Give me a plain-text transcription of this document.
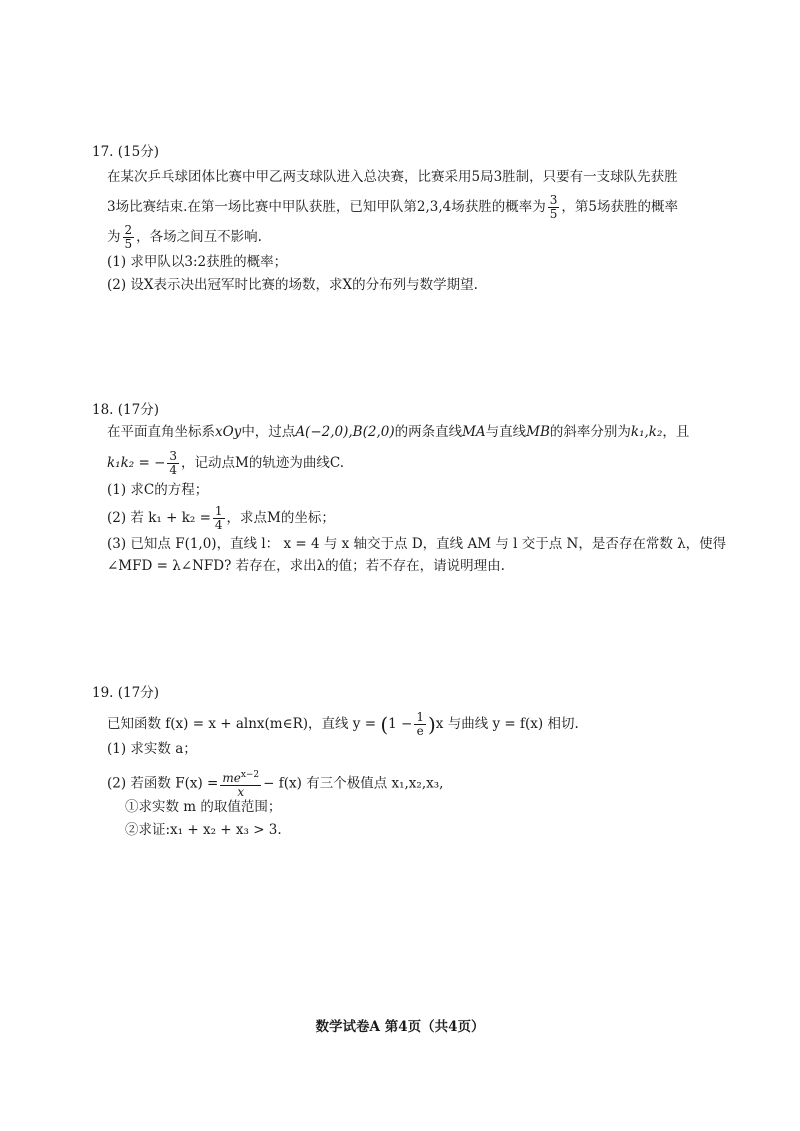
17. (15分)
在某次乒乓球团体比赛中甲乙两支球队进入总决赛，比赛采用5局3胜制，只要有一支球队先获胜
3场比赛结束.在第一场比赛中甲队获胜，已知甲队第2,3,4场获胜的概率为 $\frac{3}{5}$ ，第5场获胜的概率
为 $\frac{2}{5}$ ，各场之间互不影响.
(1) 求甲队以3:2获胜的概率；
(2) 设X表示决出冠军时比赛的场数，求X的分布列与数学期望.
18. (17分)
在平面直角坐标系xOy中，过点A(−2,0),B(2,0)的两条直线MA与直线MB的斜率分别为k₁,k₂，且
k₁k₂ = − $\frac{3}{4}$ ，记动点M的轨迹为曲线C.
(1) 求C的方程；
(2) 若 $k_1 + k_2 = \frac{1}{4}$ ，求点M的坐标；
(3) 已知点 F(1,0)，直线 l： x = 4 与 x 轴交于点 D，直线 AM 与 l 交于点 N，是否存在常数 λ，使得
∠MFD = λ∠NFD? 若存在，求出λ的值；若不存在，请说明理由.
19. (17分)
已知函数 f(x) = x + alnx(m∈R)，直线 $y = (1 - \frac{1}{e} )x$ 与曲线 y = f(x) 相切.
(1) 求实数 a；
(2) 若函数 $F(x) = \frac{me^{x-2}}{x} - f(x)$ 有三个极值点 x₁,x₂,x₃,
①求实数 m 的取值范围；
②求证:x₁ + x₂ + x₃ > 3.
数学试卷A 第4页（共4页）
